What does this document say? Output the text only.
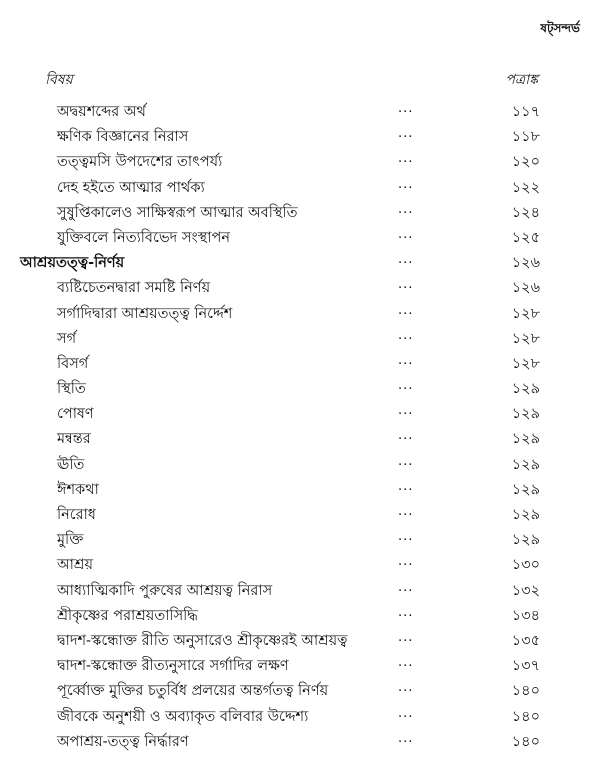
ষট্সন্দর্ভ
বিষয়	পত্রাঙ্ক
অদ্বয়শব্দের অর্থ	...	১১৭
ক্ষণিক বিজ্ঞানের নিরাস	...	১১৮
তত্ত্বমসি উপদেশের তাৎপর্য্য	...	১২০
দেহ হইতে আত্মার পার্থক্য	...	১২২
সুষুপ্তিকালেও সাক্ষিস্বরূপ আত্মার অবস্থিতি	...	১২৪
যুক্তিবলে নিত্যবিভেদ সংস্থাপন	...	১২৫
আশ্রয়তত্ত্ব-নির্ণয়	...	১২৬
ব্যষ্টিচেতনদ্বারা সমষ্টি নির্ণয়	...	১২৬
সর্গাদিদ্বারা আশ্রয়তত্ত্ব নির্দ্দেশ	...	১২৮
সর্গ	...	১২৮
বিসর্গ	...	১২৮
স্থিতি	...	১২৯
পোষণ	...	১২৯
মন্বন্তর	...	১২৯
ঊতি	...	১২৯
ঈশকথা	...	১২৯
নিরোধ	...	১২৯
মুক্তি	...	১২৯
আশ্রয়	...	১৩০
আধ্যাত্মিকাদি পুরুষের আশ্রয়ত্ব নিরাস	...	১৩২
শ্রীকৃষ্ণের পরাশ্রয়তাসিদ্ধি	...	১৩৪
দ্বাদশ-স্কন্ধোক্ত রীতি অনুসারেও শ্রীকৃষ্ণেরই আশ্রয়ত্ব	...	১৩৫
দ্বাদশ-স্কন্ধোক্ত রীত্যনুসারে সর্গাদির লক্ষণ	...	১৩৭
পূর্ব্বোক্ত মুক্তির চতুর্বিধ প্রলয়ের অন্তর্গতত্ব নির্ণয়	...	১৪০
জীবকে অনুশয়ী ও অব্যাকৃত বলিবার উদ্দেশ্য	...	১৪০
অপাশ্রয়-তত্ত্ব নির্দ্ধারণ	...	১৪০
